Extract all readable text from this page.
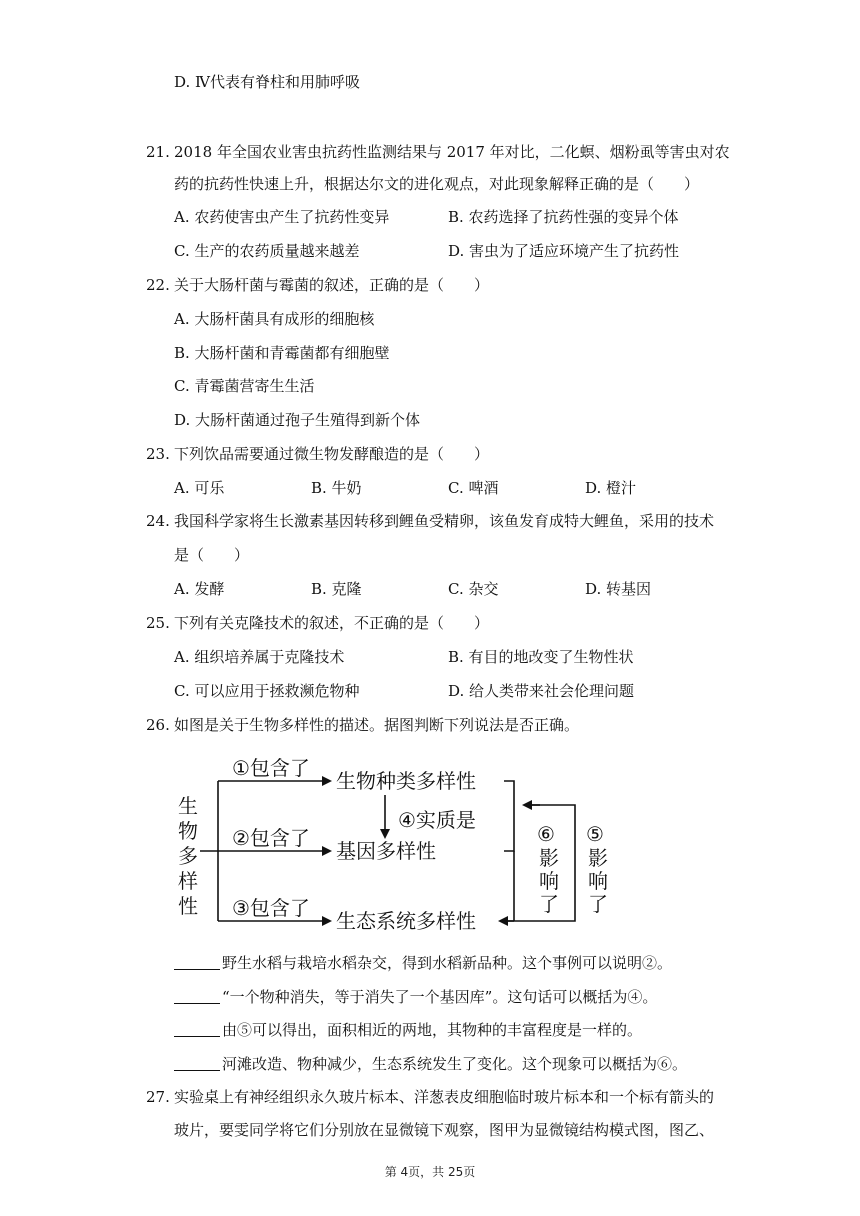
D. Ⅳ代表有脊柱和用肺呼吸
21. 2018 年全国农业害虫抗药性监测结果与 2017 年对比，二化螟、烟粉虱等害虫对农
药的抗药性快速上升，根据达尔文的进化观点，对此现象解释正确的是（　　）
A. 农药使害虫产生了抗药性变异	B. 农药选择了抗药性强的变异个体
C. 生产的农药质量越来越差	D. 害虫为了适应环境产生了抗药性
22. 关于大肠杆菌与霉菌的叙述，正确的是（　　）
A. 大肠杆菌具有成形的细胞核
B. 大肠杆菌和青霉菌都有细胞壁
C. 青霉菌营寄生生活
D. 大肠杆菌通过孢子生殖得到新个体
23. 下列饮品需要通过微生物发酵酿造的是（　　）
A. 可乐	B. 牛奶	C. 啤酒	D. 橙汁
24. 我国科学家将生长激素基因转移到鲤鱼受精卵，该鱼发育成特大鲤鱼，采用的技术
是（　　）
A. 发酵	B. 克隆	C. 杂交	D. 转基因
25. 下列有关克隆技术的叙述，不正确的是（　　）
A. 组织培养属于克隆技术	B. 有目的地改变了生物性状
C. 可以应用于拯救濒危物种	D. 给人类带来社会伦理问题
26. 如图是关于生物多样性的描述。据图判断下列说法是否正确。
生
物
多
样
性
①包含了
②包含了
③包含了
生物种类多样性
基因多样性
生态系统多样性
④实质是
⑥
影
响
了
⑤
影
响
了
野生水稻与栽培水稻杂交，得到水稻新品种。这个事例可以说明②。
“一个物种消失，等于消失了一个基因库”。这句话可以概括为④。
由⑤可以得出，面积相近的两地，其物种的丰富程度是一样的。
河滩改造、物种减少，生态系统发生了变化。这个现象可以概括为⑥。
27. 实验桌上有神经组织永久玻片标本、洋葱表皮细胞临时玻片标本和一个标有箭头的
玻片，要雯同学将它们分别放在显微镜下观察，图甲为显微镜结构模式图，图乙、
第 4页，共 25页
